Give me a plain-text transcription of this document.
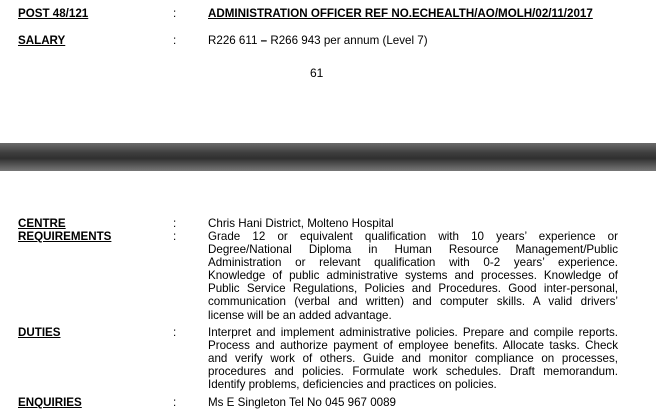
POST 48/121	:	ADMINISTRATION OFFICER REF NO.ECHEALTH/AO/MOLH/02/11/2017
SALARY	:	R226 611 – R266 943 per annum (Level 7)
61
CENTRE	:	Chris Hani District, Molteno Hospital
REQUIREMENTS	:	Grade 12 or equivalent qualification with 10 years’ experience or
Degree/National Diploma in Human Resource Management/Public
Administration or relevant qualification with 0-2 years’ experience.
Knowledge of public administrative systems and processes. Knowledge of
Public Service Regulations, Policies and Procedures. Good inter-personal,
communication (verbal and written) and computer skills. A valid drivers’
license will be an added advantage.
DUTIES	:	Interpret and implement administrative policies. Prepare and compile reports.
Process and authorize payment of employee benefits. Allocate tasks. Check
and verify work of others. Guide and monitor compliance on processes,
procedures and policies. Formulate work schedules. Draft memorandum.
Identify problems, deficiencies and practices on policies.
ENQUIRIES	:	Ms E Singleton Tel No 045 967 0089
